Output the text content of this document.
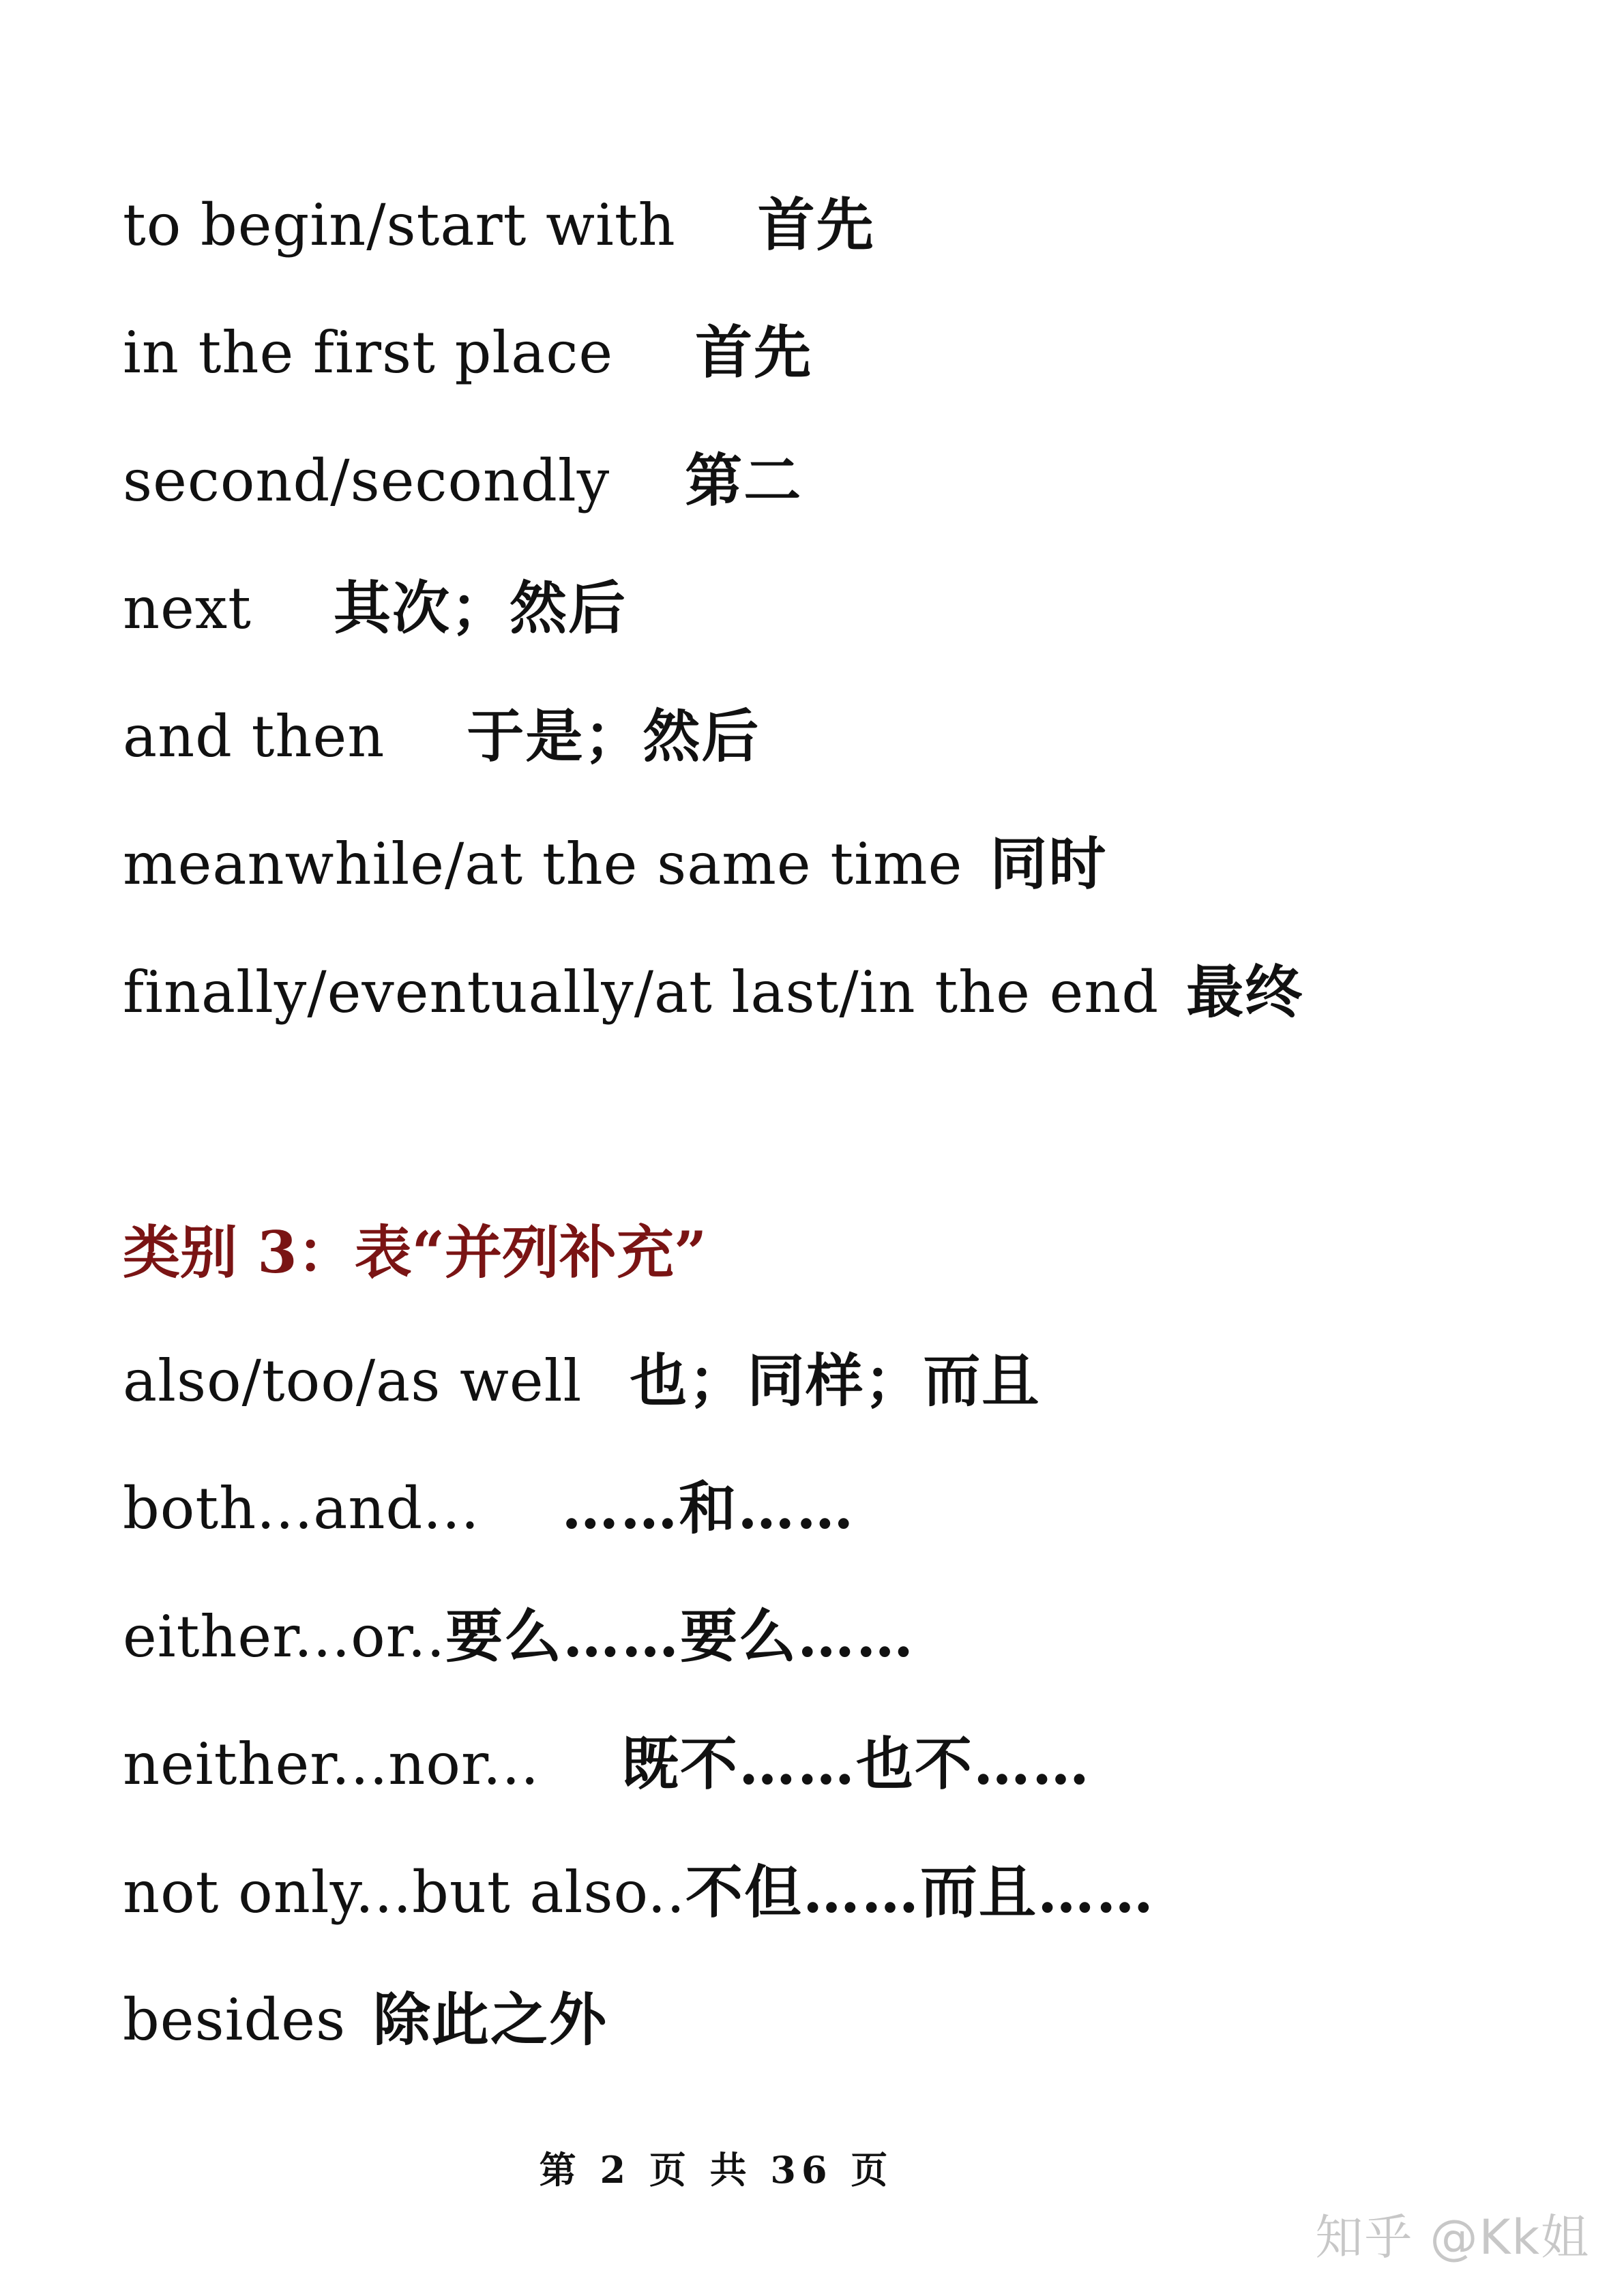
to begin/start with 首先
in the first place 首先
second/secondly 第二
next 其次；然后
and then 于是；然后
meanwhile/at the same time 同时
finally/eventually/at last/in the end 最终
类别 3：表“并列补充”
also/too/as well 也；同样；而且
both...and... ……和……
either...or..要么……要么……
neither...nor... 既不……也不……
not only...but also..不但……而且……
besides 除此之外
第 2 页 共 36 页
知乎 @Kk姐
